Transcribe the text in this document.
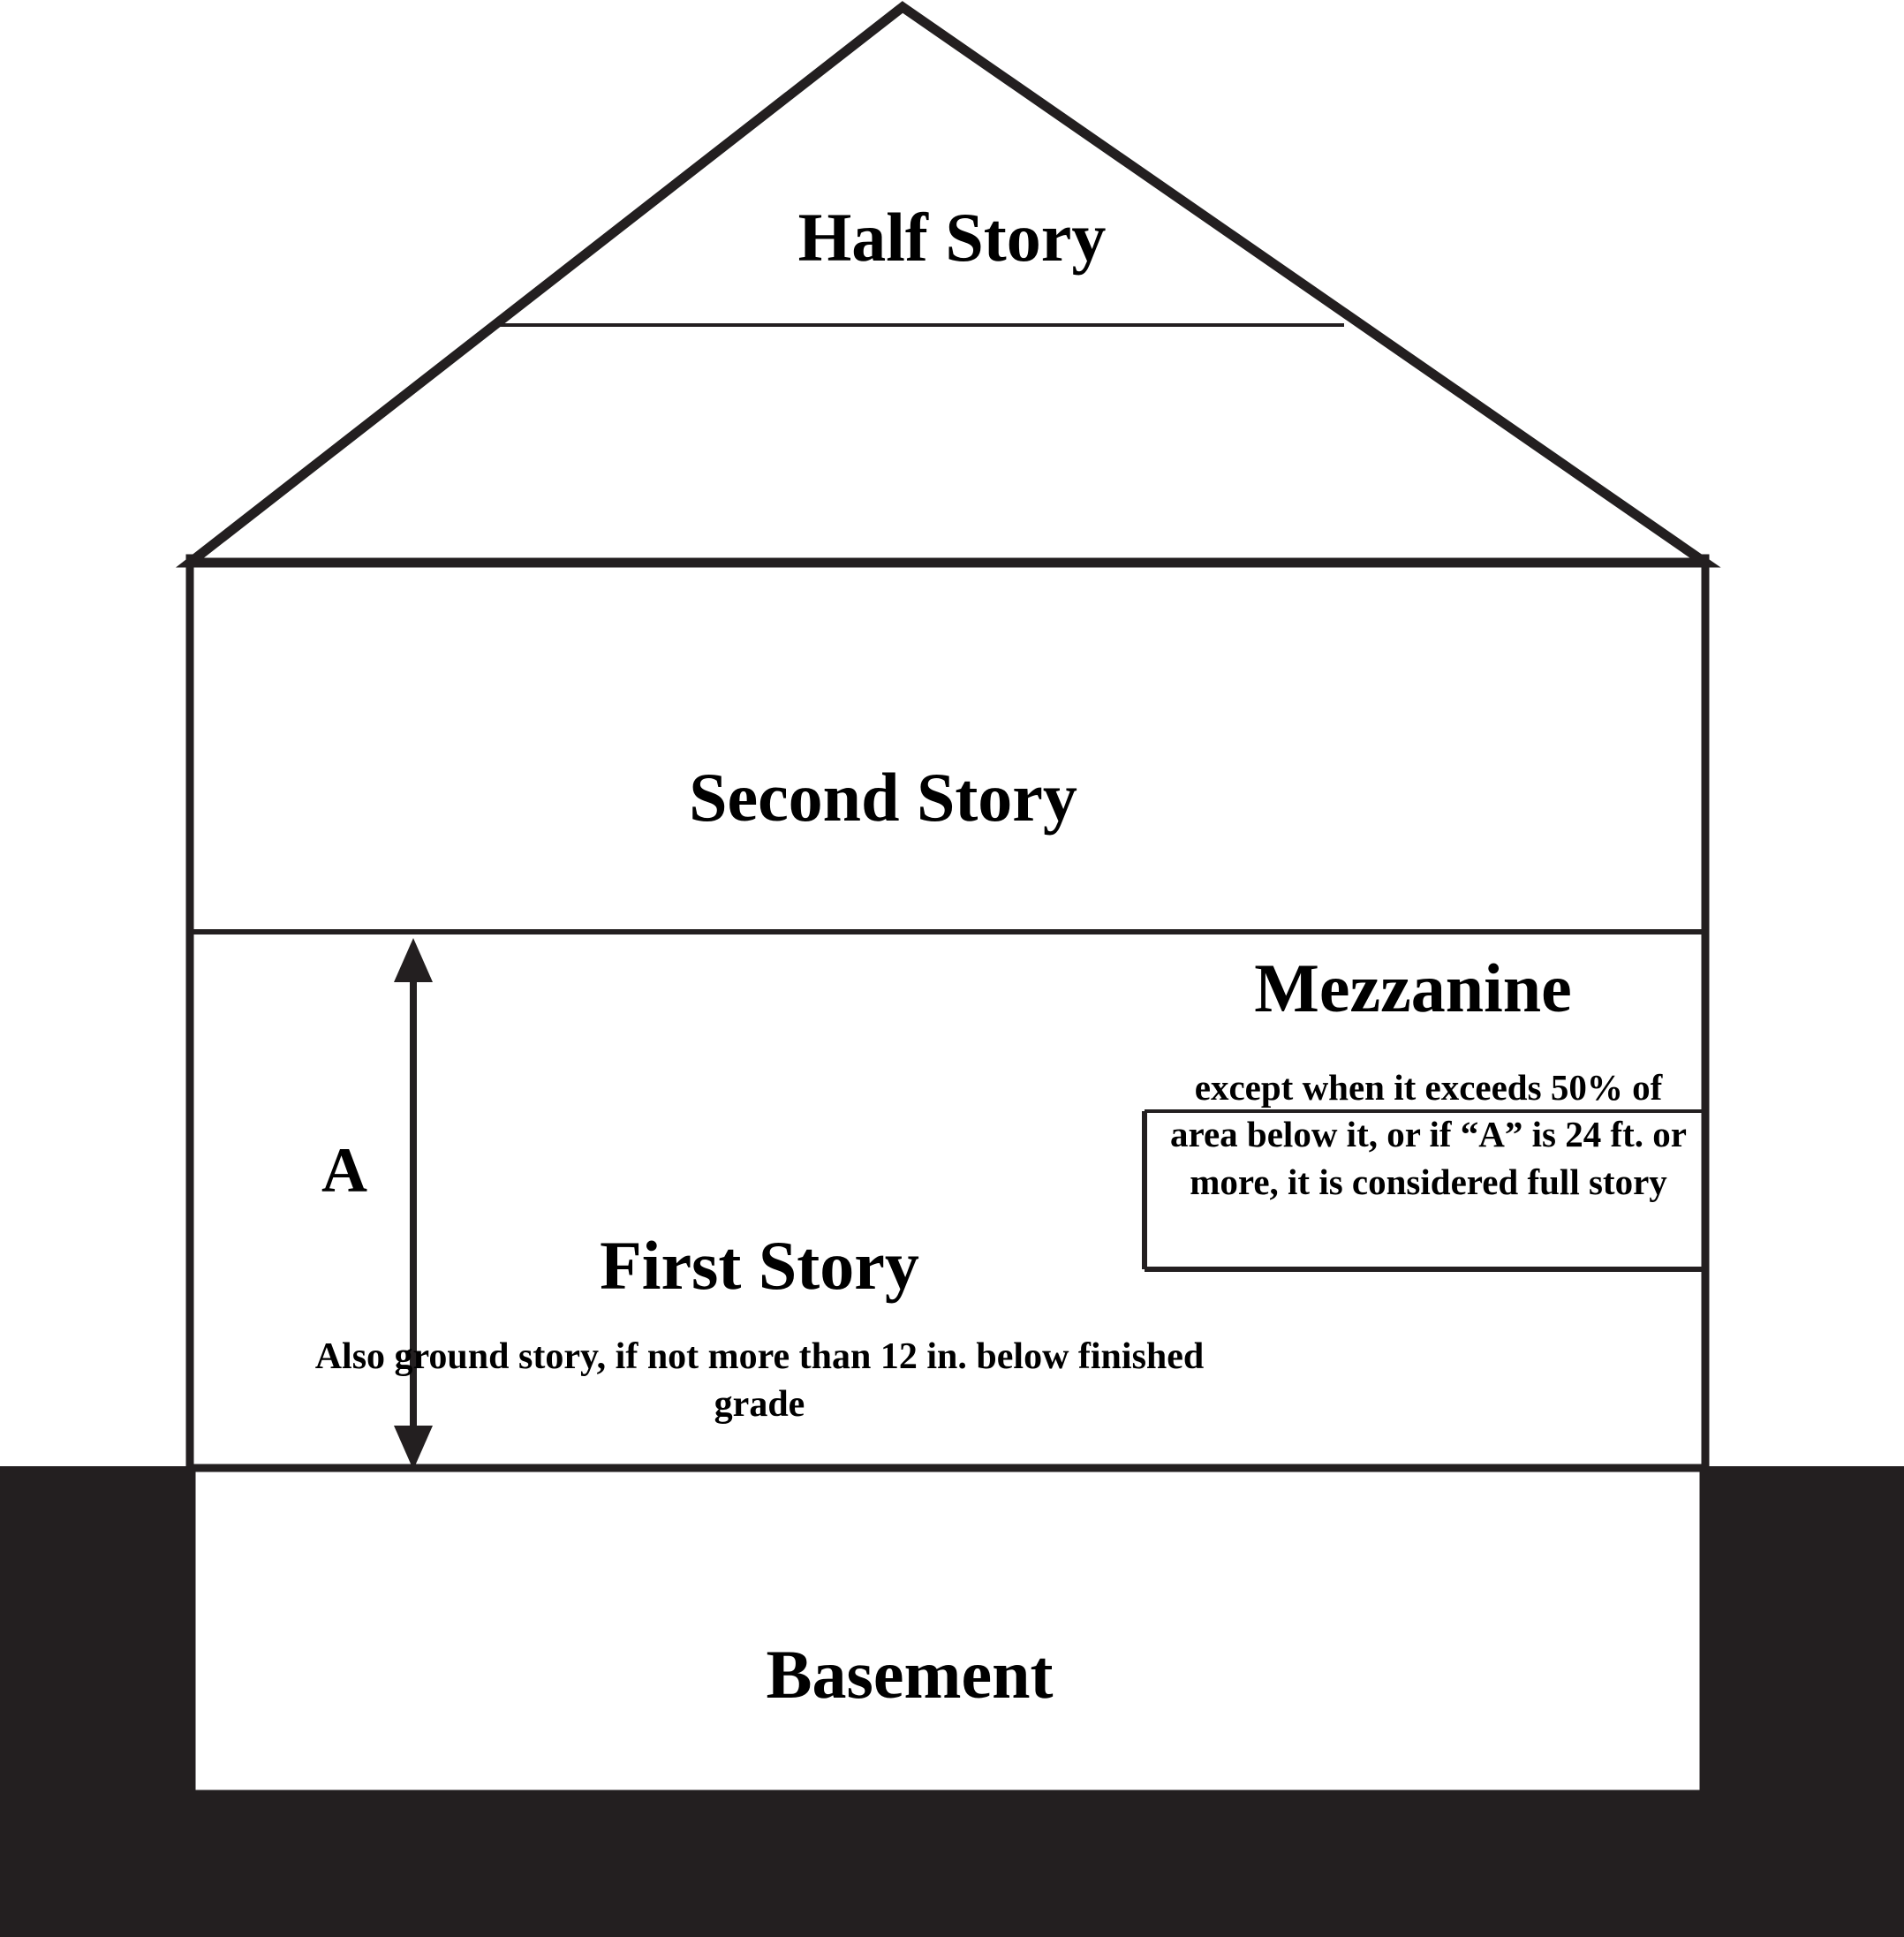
Half Story
Second Story
A
Mezzanine
except when it exceeds 50% of area below it, or if “A” is 24 ft. or more, it is considered full story
First Story
Also ground story, if not more than 12 in. below finished grade
Basement
